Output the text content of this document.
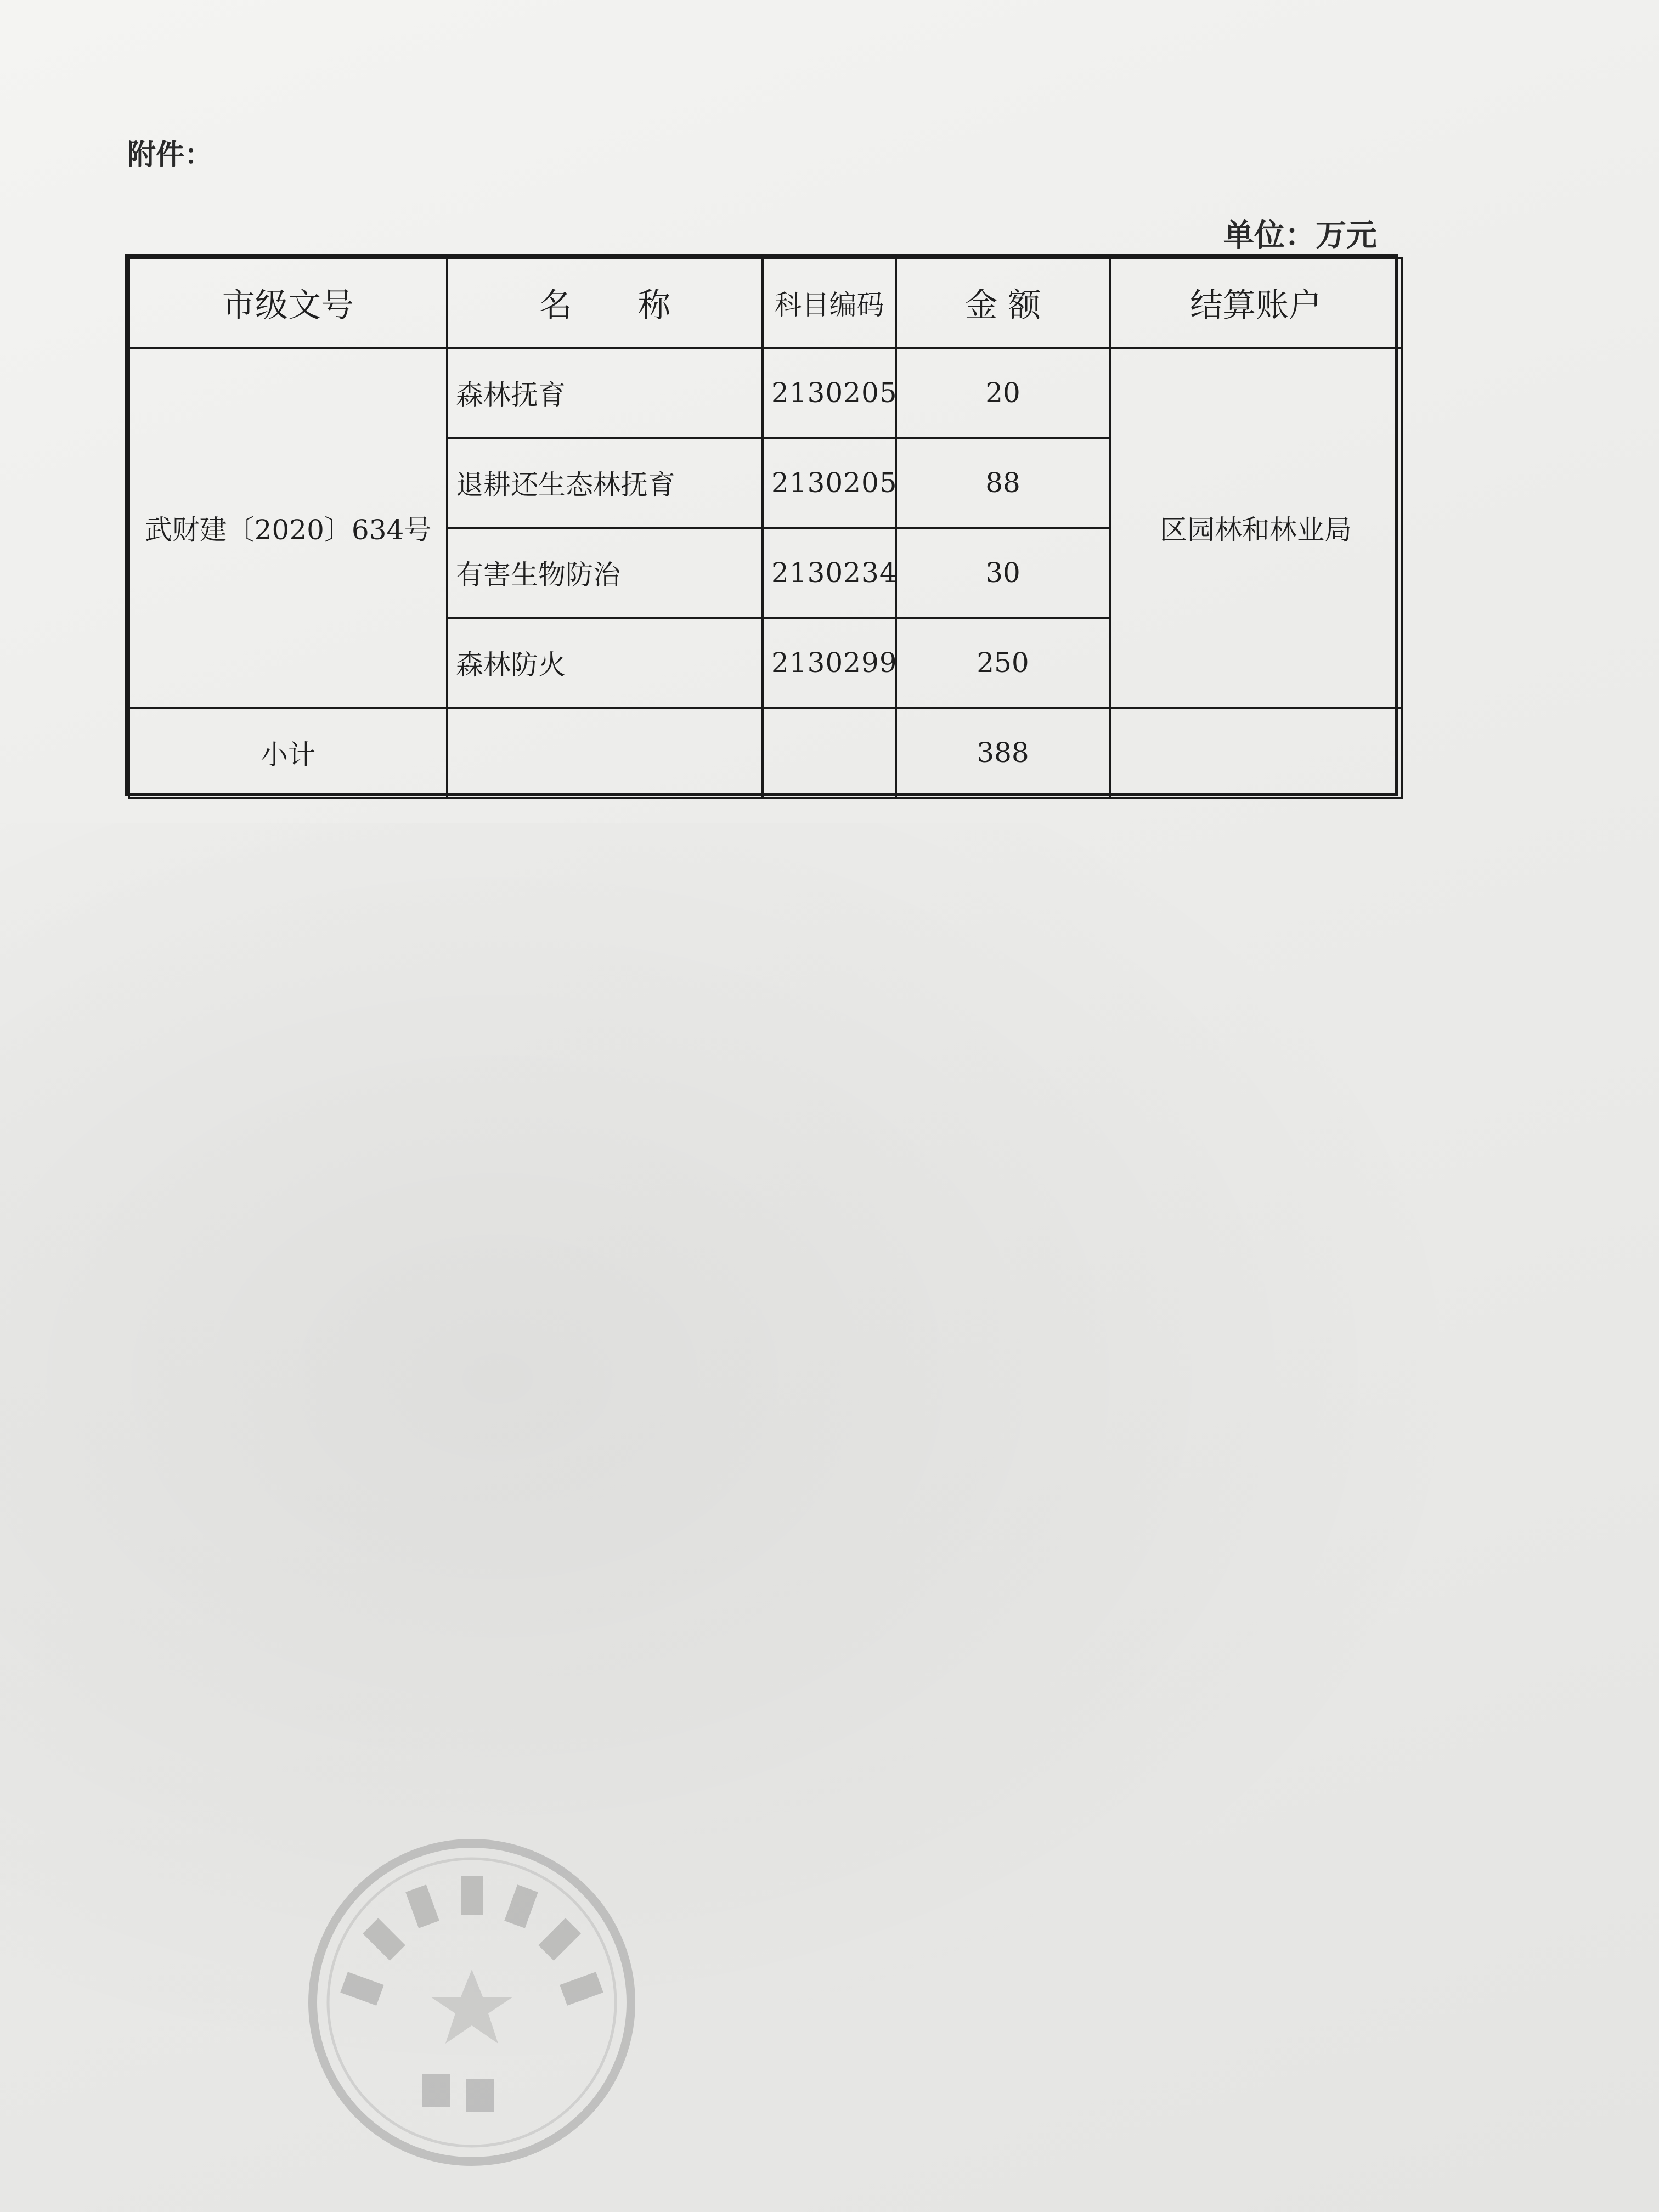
附件：
单位：万元
市级文号	名　　称	科目编码	金 额	结算账户
武财建〔2020〕634号	森林抚育	2130205	20	区园林和林业局
	退耕还生态林抚育	2130205	88	
	有害生物防治	2130234	30	
	森林防火	2130299	250	
小计			388	
